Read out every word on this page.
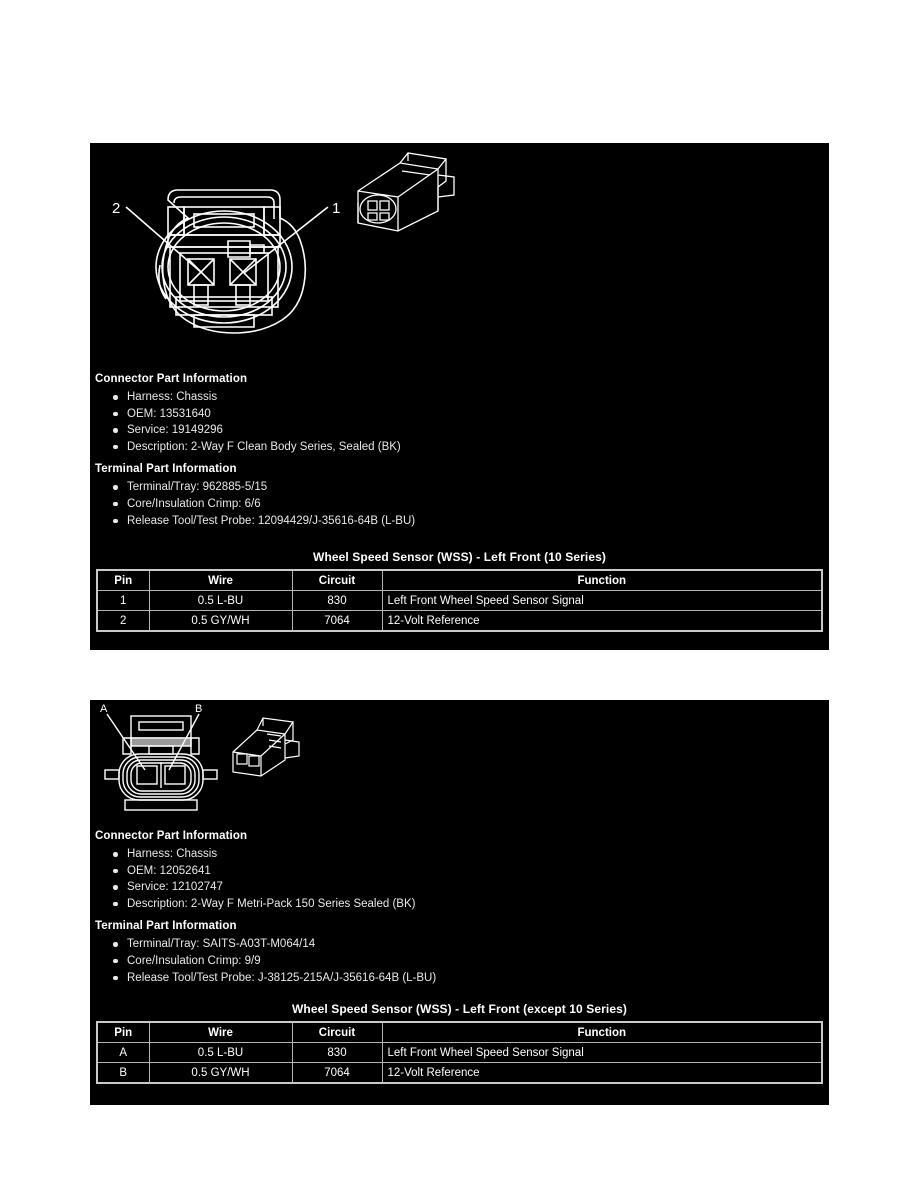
2	1
Connector Part Information
Harness: Chassis
OEM: 13531640
Service: 19149296
Description: 2-Way F Clean Body Series, Sealed (BK)
Terminal Part Information
Terminal/Tray: 962885-5/15
Core/Insulation Crimp: 6/6
Release Tool/Test Probe: 12094429/J-35616-64B (L-BU)
Wheel Speed Sensor (WSS) - Left Front (10 Series)
Pin	Wire	Circuit	Function
1	0.5 L-BU	830	Left Front Wheel Speed Sensor Signal
2	0.5 GY/WH	7064	12-Volt Reference
A	B
Connector Part Information
Harness: Chassis
OEM: 12052641
Service: 12102747
Description: 2-Way F Metri-Pack 150 Series Sealed (BK)
Terminal Part Information
Terminal/Tray: SAITS-A03T-M064/14
Core/Insulation Crimp: 9/9
Release Tool/Test Probe: J-38125-215A/J-35616-64B (L-BU)
Wheel Speed Sensor (WSS) - Left Front (except 10 Series)
Pin	Wire	Circuit	Function
A	0.5 L-BU	830	Left Front Wheel Speed Sensor Signal
B	0.5 GY/WH	7064	12-Volt Reference
